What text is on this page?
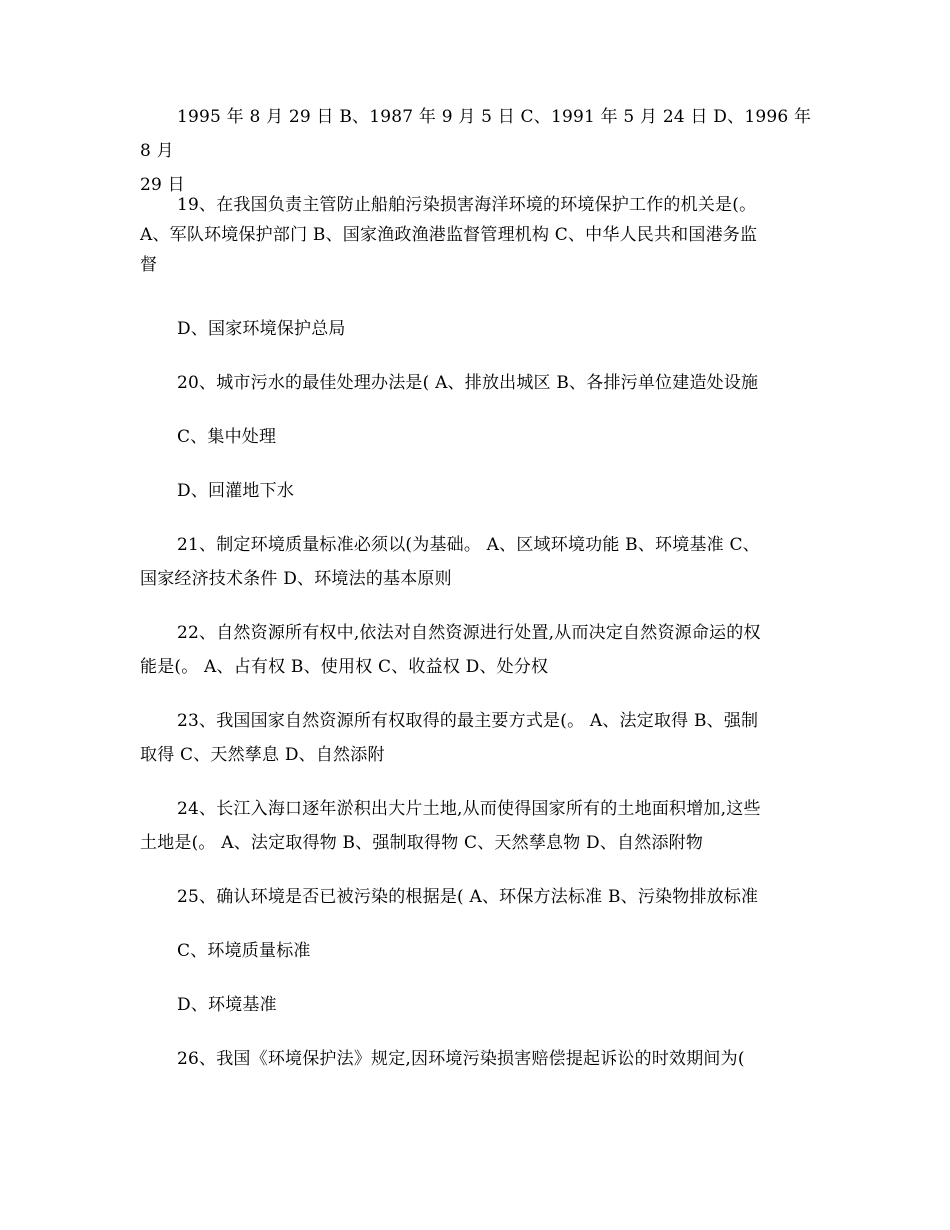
1995 年 8 月 29 日 B、1987 年 9 月 5 日 C、1991 年 5 月 24 日 D、1996 年 8 月
29 日
19、在我国负责主管防止船舶污染损害海洋环境的环境保护工作的机关是(。
A、军队环境保护部门 B、国家渔政渔港监督管理机构 C、中华人民共和国港务监
督
D、国家环境保护总局
20、城市污水的最佳处理办法是( A、排放出城区 B、各排污单位建造处设施
C、集中处理
D、回灌地下水
21、制定环境质量标准必须以(为基础。 A、区域环境功能 B、环境基准 C、
国家经济技术条件 D、环境法的基本原则
22、自然资源所有权中,依法对自然资源进行处置,从而决定自然资源命运的权
能是(。 A、占有权 B、使用权 C、收益权 D、处分权
23、我国国家自然资源所有权取得的最主要方式是(。 A、法定取得 B、强制
取得 C、天然孳息 D、自然添附
24、长江入海口逐年淤积出大片土地,从而使得国家所有的土地面积增加,这些
土地是(。 A、法定取得物 B、强制取得物 C、天然孳息物 D、自然添附物
25、确认环境是否已被污染的根据是( A、环保方法标准 B、污染物排放标准
C、环境质量标准
D、环境基准
26、我国《环境保护法》规定,因环境污染损害赔偿提起诉讼的时效期间为(
